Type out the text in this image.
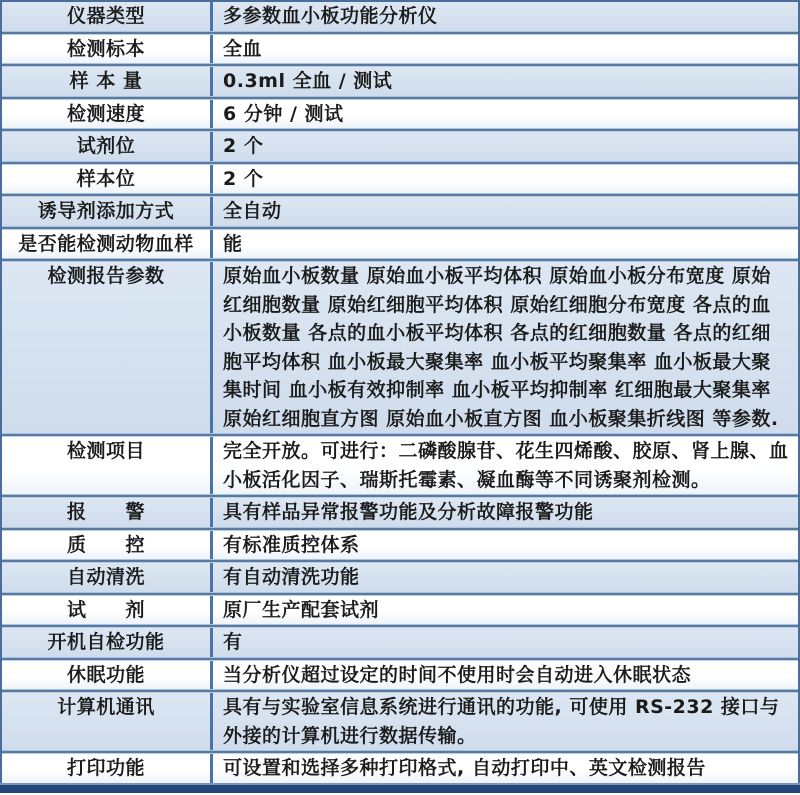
仪器类型	多参数血小板功能分析仪
检测标本	全血
样 本 量	0.3ml 全血 / 测试
检测速度	6 分钟 / 测试
试剂位	2 个
样本位	2 个
诱导剂添加方式	全自动
是否能检测动物血样	能
检测报告参数	原始血小板数量 原始血小板平均体积 原始血小板分布宽度 原始红细胞数量 原始红细胞平均体积 原始红细胞分布宽度 各点的血小板数量 各点的血小板平均体积 各点的红细胞数量 各点的红细胞平均体积 血小板最大聚集率 血小板平均聚集率 血小板最大聚集时间 血小板有效抑制率 血小板平均抑制率 红细胞最大聚集率 原始红细胞直方图 原始血小板直方图 血小板聚集折线图 等参数.
检测项目	完全开放。可进行：二磷酸腺苷、花生四烯酸、胶原、肾上腺、血小板活化因子、瑞斯托霉素、凝血酶等不同诱聚剂检测。
报　　警	具有样品异常报警功能及分析故障报警功能
质　　控	有标准质控体系
自动清洗	有自动清洗功能
试　　剂	原厂生产配套试剂
开机自检功能	有
休眠功能	当分析仪超过设定的时间不使用时会自动进入休眠状态
计算机通讯	具有与实验室信息系统进行通讯的功能, 可使用 RS-232 接口与外接的计算机进行数据传输。
打印功能	可设置和选择多种打印格式, 自动打印中、英文检测报告
